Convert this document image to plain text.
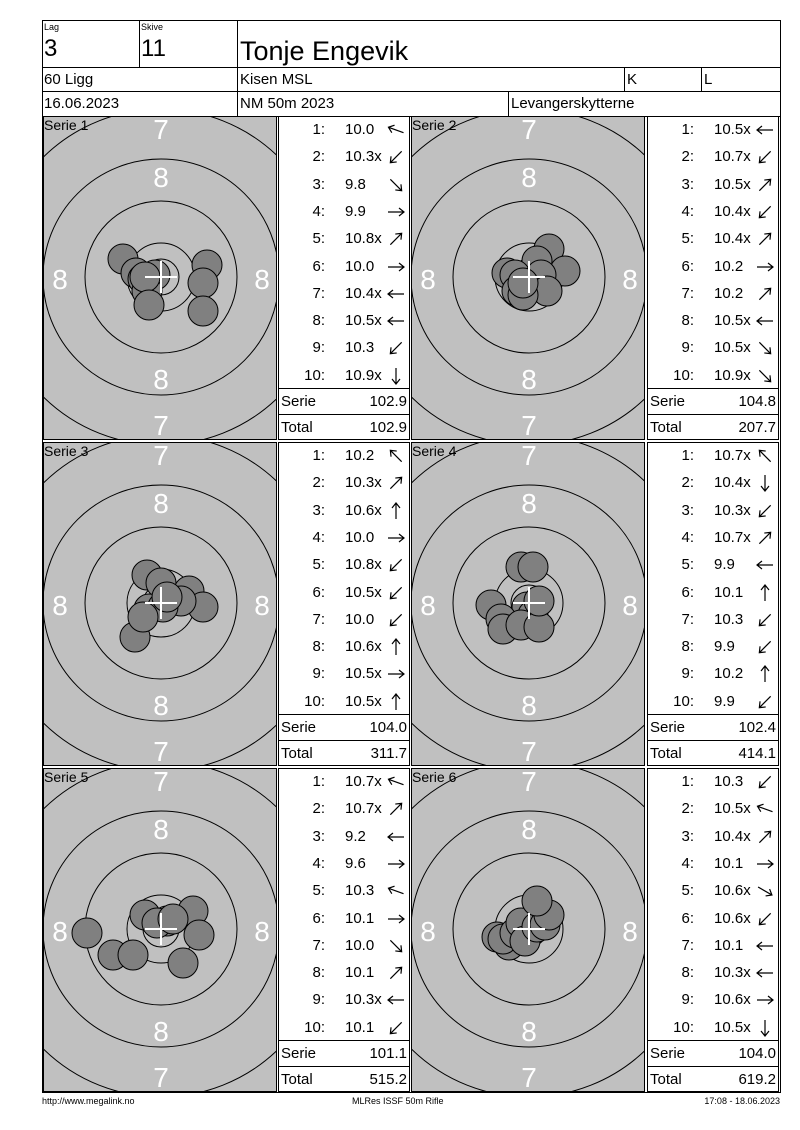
Lag
3
Skive
11	Tonje Engevik
60 Ligg	Kisen MSL	K	L
16.06.2023	NM 50m 2023	Levangerskytterne
7
8
8
7
8	8
Serie 1	1: 10.0
2: 10.3x
3: 9.8
4: 9.9
5: 10.8x
6: 10.0
7: 10.4x
8: 10.5x
9: 10.3
10: 10.9x
Serie	102.9
Total	102.9
7
8
8
7
8	8
Serie 2	1: 10.5x
2: 10.7x
3: 10.5x
4: 10.4x
5: 10.4x
6: 10.2
7: 10.2
8: 10.5x
9: 10.5x
10: 10.9x
Serie	104.8
Total	207.7
7
8
8
7
8	8
Serie 3	1: 10.2
2: 10.3x
3: 10.6x
4: 10.0
5: 10.8x
6: 10.5x
7: 10.0
8: 10.6x
9: 10.5x
10: 10.5x
Serie	104.0
Total	311.7
7
8
8
7
8	8
Serie 4	1: 10.7x
2: 10.4x
3: 10.3x
4: 10.7x
5: 9.9
6: 10.1
7: 10.3
8: 9.9
9: 10.2
10: 9.9
Serie	102.4
Total	414.1
7
8
8
7
8	8
Serie 5	1: 10.7x
2: 10.7x
3: 9.2
4: 9.6
5: 10.3
6: 10.1
7: 10.0
8: 10.1
9: 10.3x
10: 10.1
Serie	101.1
Total	515.2
7
8
8
7
8	8
Serie 6	1: 10.3
2: 10.5x
3: 10.4x
4: 10.1
5: 10.6x
6: 10.6x
7: 10.1
8: 10.3x
9: 10.6x
10: 10.5x
Serie	104.0
Total	619.2
http://www.megalink.no	MLRes ISSF 50m Rifle	17:08 - 18.06.2023
